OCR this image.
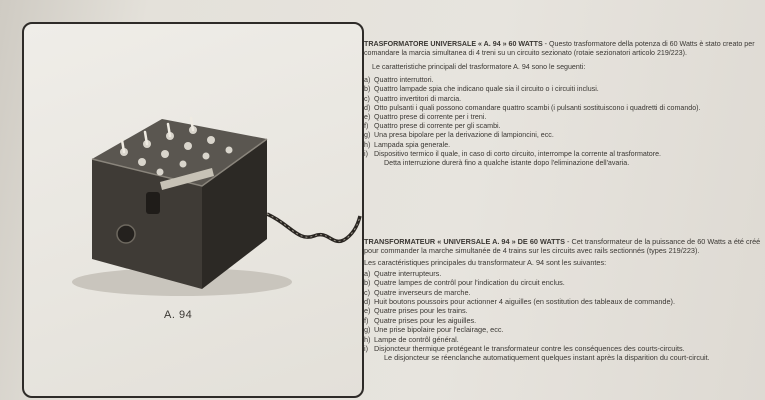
A. 94

TRASFORMATORE UNIVERSALE « A. 94 » 60 WATTS - Questo trasformatore della potenza di 60 Watts è stato creato per comandare la marcia simultanea di 4 treni su un circuito sezionato (rotaie sezionatori articolo 219/223).

Le caratteristiche principali del trasformatore A. 94 sono le seguenti:

a) Quattro interruttori.
b) Quattro lampade spia che indicano quale sia il circuito o i circuiti inclusi.
c) Quattro invertitori di marcia.
d) Otto pulsanti i quali possono comandare quattro scambi (i pulsanti sostituiscono i quadretti di comando).
e) Quattro prese di corrente per i treni.
f) Quattro prese di corrente per gli scambi.
g) Una presa bipolare per la derivazione di lampioncini, ecc.
h) Lampada spia generale.
i) Dispositivo termico il quale, in caso di corto circuito, interrompe la corrente al trasformatore.

Detta interruzione durerà fino a qualche istante dopo l'eliminazione dell'avaria.

TRANSFORMATEUR « UNIVERSALE A. 94 » DE 60 WATTS - Cet transformateur de la puissance de 60 Watts a été créé pour commander la marche simultanée de 4 trains sur les circuits avec rails sectionnés (types 219/223).

Les caractéristiques principales du transformateur A. 94 sont les suivantes:

a) Quatre interrupteurs.
b) Quatre lampes de contrôl pour l'indication du circuit enclus.
c) Quatre inverseurs de marche.
d) Huit boutons poussoirs pour actionner 4 aiguilles (en sostitution des tableaux de commande).
e) Quatre prises pour les trains.
f) Quatre prises pour les aiguilles.
g) Une prise bipolaire pour l'eclairage, ecc.
h) Lampe de contrôl général.
i) Disjoncteur thermique protégeant le transformateur contre les conséquences des courts-circuits.

Le disjoncteur se réenclanche automatiquement quelques instant après la disparition du court-circuit.
